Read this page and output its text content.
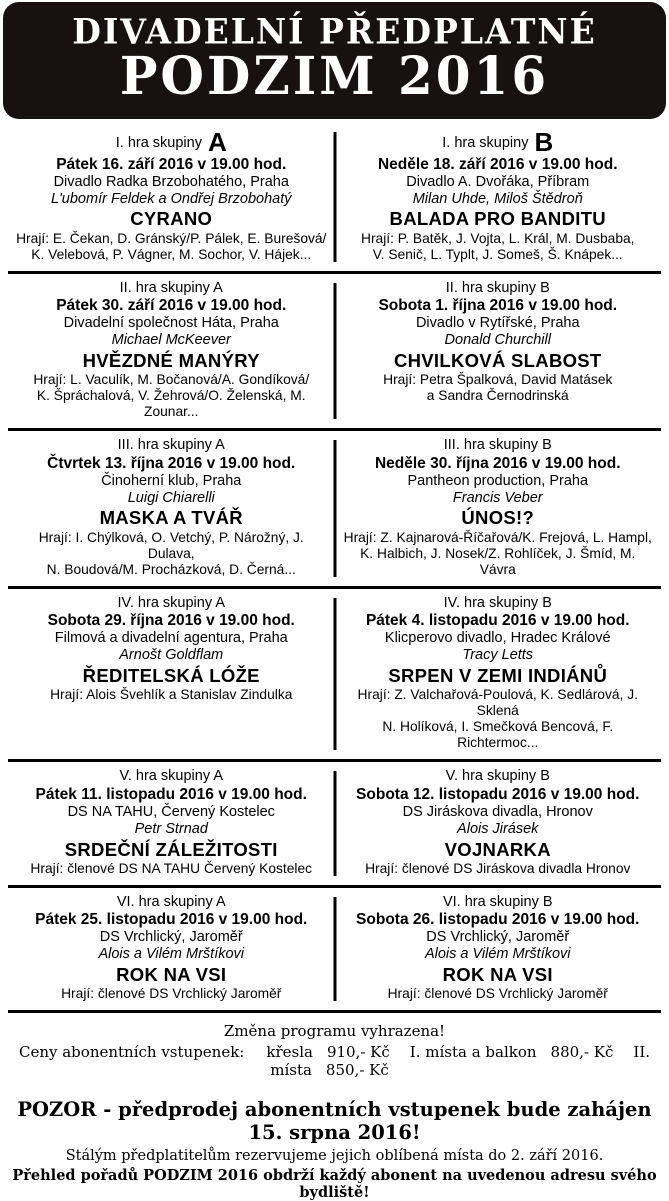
DIVADELNÍ PŘEDPLATNÉ
PODZIM 2016
I. hra skupiny A
Pátek 16. září 2016 v 19.00 hod.
Divadlo Radka Brzobohatého, Praha
L'ubomír Feldek a Ondřej Brzobohatý
CYRANO
Hrají: E. Čekan, D. Gránský/P. Pálek, E. Burešová/
K. Velebová, P. Vágner, M. Sochor, V. Hájek...
I. hra skupiny B
Neděle 18. září 2016 v 19.00 hod.
Divadlo A. Dvořáka, Příbram
Milan Uhde, Miloš Štědroň
BALADA PRO BANDITU
Hrají: P. Batěk, J. Vojta, L. Král, M. Dusbaba,
V. Senič, L. Typlt, J. Someš, Š. Knápek...
II. hra skupiny A
Pátek 30. září 2016 v 19.00 hod.
Divadelní společnost Háta, Praha
Michael McKeever
HVĚZDNÉ MANÝRY
Hrají: L. Vaculík, M. Bočanová/A. Gondíková/
K. Špráchalová, V. Žehrová/O. Želenská, M. Zounar...
II. hra skupiny B
Sobota 1. října 2016 v 19.00 hod.
Divadlo v Rytířské, Praha
Donald Churchill
CHVILKOVÁ SLABOST
Hrají: Petra Špalková, David Matásek
a Sandra Černodrinská
III. hra skupiny A
Čtvrtek 13. října 2016 v 19.00 hod.
Činoherní klub, Praha
Luigi Chiarelli
MASKA A TVÁŘ
Hrají: I. Chýlková, O. Vetchý, P. Nárožný, J. Dulava,
N. Boudová/M. Procházková, D. Černá...
III. hra skupiny B
Neděle 30. října 2016 v 19.00 hod.
Pantheon production, Praha
Francis Veber
ÚNOS!?
Hrají: Z. Kajnarová-Říčařová/K. Frejová, L. Hampl,
K. Halbich, J. Nosek/Z. Rohlíček, J. Šmíd, M. Vávra
IV. hra skupiny A
Sobota 29. října 2016 v 19.00 hod.
Filmová a divadelní agentura, Praha
Arnošt Goldflam
ŘEDITELSKÁ LÓŽE
Hrají: Alois Švehlík a Stanislav Zindulka
IV. hra skupiny B
Pátek 4. listopadu 2016 v 19.00 hod.
Klicperovo divadlo, Hradec Králové
Tracy Letts
SRPEN V ZEMI INDIÁNŮ
Hrají: Z. Valchařová-Poulová, K. Sedlárová, J. Sklená
N. Holíková, I. Smečková Bencová, F. Richtermoc...
V. hra skupiny A
Pátek 11. listopadu 2016 v 19.00 hod.
DS NA TAHU, Červený Kostelec
Petr Strnad
SRDEČNÍ ZÁLEŽITOSTI
Hrají: členové DS NA TAHU Červený Kostelec
V. hra skupiny B
Sobota 12. listopadu 2016 v 19.00 hod.
DS Jiráskova divadla, Hronov
Alois Jirásek
VOJNARKA
Hrají: členové DS Jiráskova divadla Hronov
VI. hra skupiny A
Pátek 25. listopadu 2016 v 19.00 hod.
DS Vrchlický, Jaroměř
Alois a Vilém Mrštíkovi
ROK NA VSI
Hrají: členové DS Vrchlický Jaroměř
VI. hra skupiny B
Sobota 26. listopadu 2016 v 19.00 hod.
DS Vrchlický, Jaroměř
Alois a Vilém Mrštíkovi
ROK NA VSI
Hrají: členové DS Vrchlický Jaroměř
Změna programu vyhrazena!
Ceny abonentních vstupenek: křesla 910,- Kč I. místa a balkon 880,- Kč II. místa 850,- Kč
POZOR - předprodej abonentních vstupenek bude zahájen 15. srpna 2016!
Stálým předplatitelům rezervujeme jejich oblíbená místa do 2. září 2016.
Přehled pořadů PODZIM 2016 obdrží každý abonent na uvedenou adresu svého bydliště!
